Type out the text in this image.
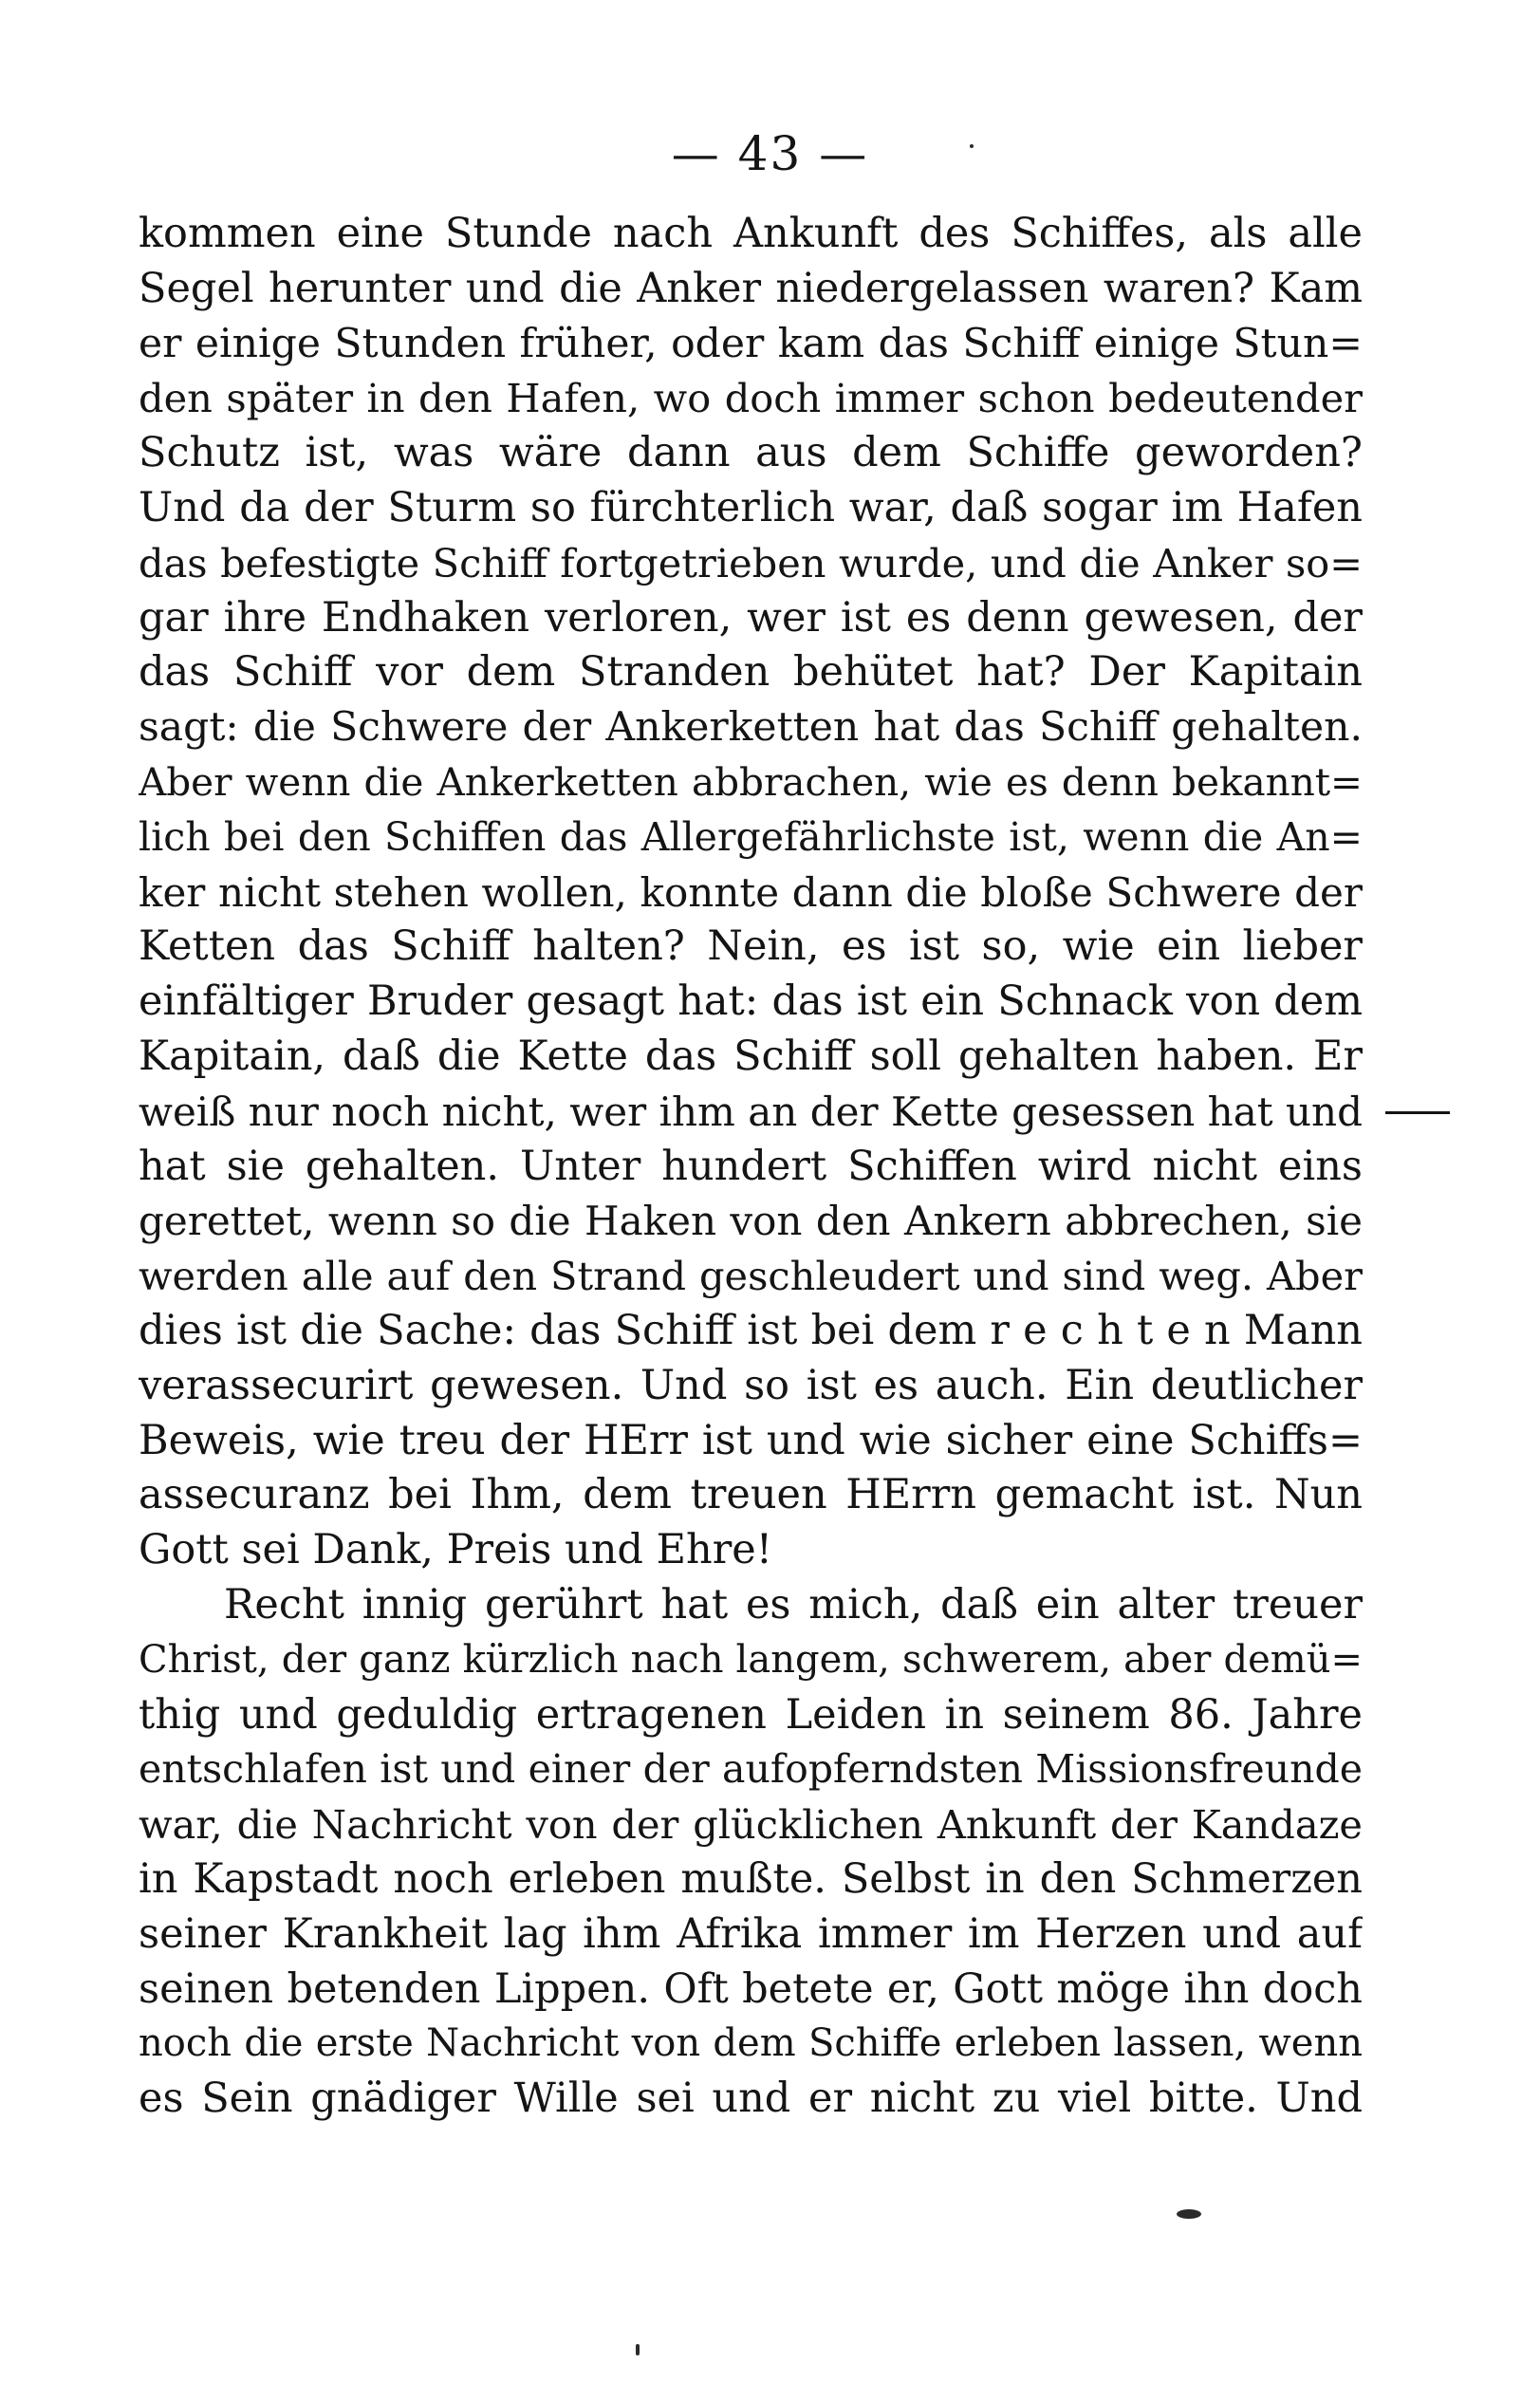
— 43 —
kommen eine Stunde nach Ankunft des Schiffes, als alle
Segel herunter und die Anker niedergelassen waren? Kam
er einige Stunden früher, oder kam das Schiff einige Stun=
den später in den Hafen, wo doch immer schon bedeutender
Schutz ist, was wäre dann aus dem Schiffe geworden?
Und da der Sturm so fürchterlich war, daß sogar im Hafen
das befestigte Schiff fortgetrieben wurde, und die Anker so=
gar ihre Endhaken verloren, wer ist es denn gewesen, der
das Schiff vor dem Stranden behütet hat? Der Kapitain
sagt: die Schwere der Ankerketten hat das Schiff gehalten.
Aber wenn die Ankerketten abbrachen, wie es denn bekannt=
lich bei den Schiffen das Allergefährlichste ist, wenn die An=
ker nicht stehen wollen, konnte dann die bloße Schwere der
Ketten das Schiff halten? Nein, es ist so, wie ein lieber
einfältiger Bruder gesagt hat: das ist ein Schnack von dem
Kapitain, daß die Kette das Schiff soll gehalten haben. Er
weiß nur noch nicht, wer ihm an der Kette gesessen hat und
hat sie gehalten. Unter hundert Schiffen wird nicht eins
gerettet, wenn so die Haken von den Ankern abbrechen, sie
werden alle auf den Strand geschleudert und sind weg. Aber
dies ist die Sache: das Schiff ist bei dem r e c h t e n Mann
verassecurirt gewesen. Und so ist es auch. Ein deutlicher
Beweis, wie treu der HErr ist und wie sicher eine Schiffs=
assecuranz bei Ihm, dem treuen HErrn gemacht ist. Nun
Gott sei Dank, Preis und Ehre!
Recht innig gerührt hat es mich, daß ein alter treuer
Christ, der ganz kürzlich nach langem, schwerem, aber demü=
thig und geduldig ertragenen Leiden in seinem 86. Jahre
entschlafen ist und einer der aufopferndsten Missionsfreunde
war, die Nachricht von der glücklichen Ankunft der Kandaze
in Kapstadt noch erleben mußte. Selbst in den Schmerzen
seiner Krankheit lag ihm Afrika immer im Herzen und auf
seinen betenden Lippen. Oft betete er, Gott möge ihn doch
noch die erste Nachricht von dem Schiffe erleben lassen, wenn
es Sein gnädiger Wille sei und er nicht zu viel bitte. Und
